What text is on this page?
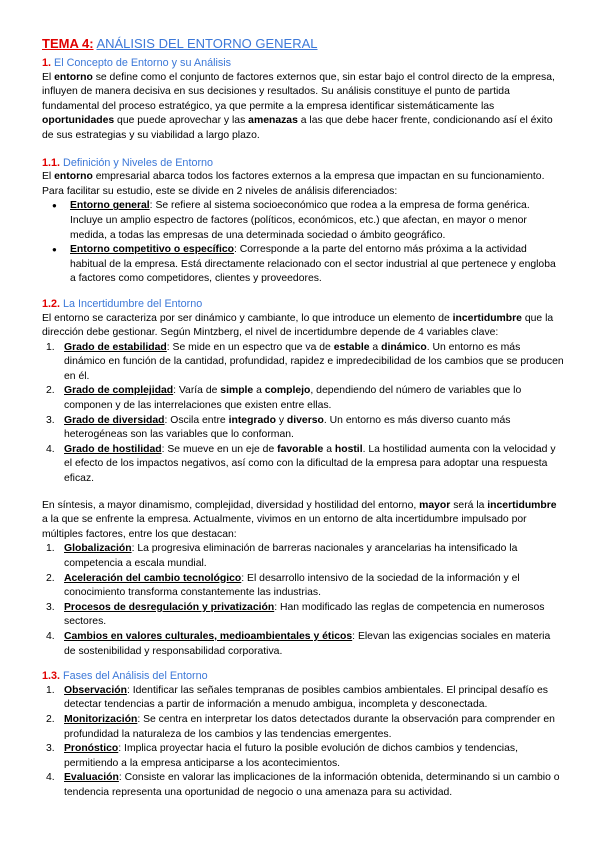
TEMA 4: ANÁLISIS DEL ENTORNO GENERAL
1. El Concepto de Entorno y su Análisis

El entorno se define como el conjunto de factores externos que, sin estar bajo el control directo de la empresa, influyen de manera decisiva en sus decisiones y resultados. Su análisis constituye el punto de partida fundamental del proceso estratégico, ya que permite a la empresa identificar sistemáticamente las oportunidades que puede aprovechar y las amenazas a las que debe hacer frente, condicionando así el éxito de sus estrategias y su viabilidad a largo plazo.

1.1. Definición y Niveles de Entorno

El entorno empresarial abarca todos los factores externos a la empresa que impactan en su funcionamiento. Para facilitar su estudio, este se divide en 2 niveles de análisis diferenciados:

● Entorno general: Se refiere al sistema socioeconómico que rodea a la empresa de forma genérica. Incluye un amplio espectro de factores (políticos, económicos, etc.) que afectan, en mayor o menor medida, a todas las empresas de una determinada sociedad o ámbito geográfico.
● Entorno competitivo o específico: Corresponde a la parte del entorno más próxima a la actividad habitual de la empresa. Está directamente relacionado con el sector industrial al que pertenece y engloba a factores como competidores, clientes y proveedores.
1.2. La Incertidumbre del Entorno

El entorno se caracteriza por ser dinámico y cambiante, lo que introduce un elemento de incertidumbre que la dirección debe gestionar. Según Mintzberg, el nivel de incertidumbre depende de 4 variables clave:

1. Grado de estabilidad: Se mide en un espectro que va de estable a dinámico. Un entorno es más dinámico en función de la cantidad, profundidad, rapidez e impredecibilidad de los cambios que se producen en él.
2. Grado de complejidad: Varía de simple a complejo, dependiendo del número de variables que lo componen y de las interrelaciones que existen entre ellas.
3. Grado de diversidad: Oscila entre integrado y diverso. Un entorno es más diverso cuanto más heterogéneas son las variables que lo conforman.
4. Grado de hostilidad: Se mueve en un eje de favorable a hostil. La hostilidad aumenta con la velocidad y el efecto de los impactos negativos, así como con la dificultad de la empresa para adoptar una respuesta eficaz.

En síntesis, a mayor dinamismo, complejidad, diversidad y hostilidad del entorno, mayor será la incertidumbre a la que se enfrente la empresa. Actualmente, vivimos en un entorno de alta incertidumbre impulsado por múltiples factores, entre los que destacan:

1. Globalización: La progresiva eliminación de barreras nacionales y arancelarias ha intensificado la competencia a escala mundial.
2. Aceleración del cambio tecnológico: El desarrollo intensivo de la sociedad de la información y el conocimiento transforma constantemente las industrias.
3. Procesos de desregulación y privatización: Han modificado las reglas de competencia en numerosos sectores.
4. Cambios en valores culturales, medioambientales y éticos: Elevan las exigencias sociales en materia de sostenibilidad y responsabilidad corporativa.
1.3. Fases del Análisis del Entorno
1. Observación: Identificar las señales tempranas de posibles cambios ambientales. El principal desafío es detectar tendencias a partir de información a menudo ambigua, incompleta y desconectada.
2. Monitorización: Se centra en interpretar los datos detectados durante la observación para comprender en profundidad la naturaleza de los cambios y las tendencias emergentes.
3. Pronóstico: Implica proyectar hacia el futuro la posible evolución de dichos cambios y tendencias, permitiendo a la empresa anticiparse a los acontecimientos.
4. Evaluación: Consiste en valorar las implicaciones de la información obtenida, determinando si un cambio o tendencia representa una oportunidad de negocio o una amenaza para su actividad.
